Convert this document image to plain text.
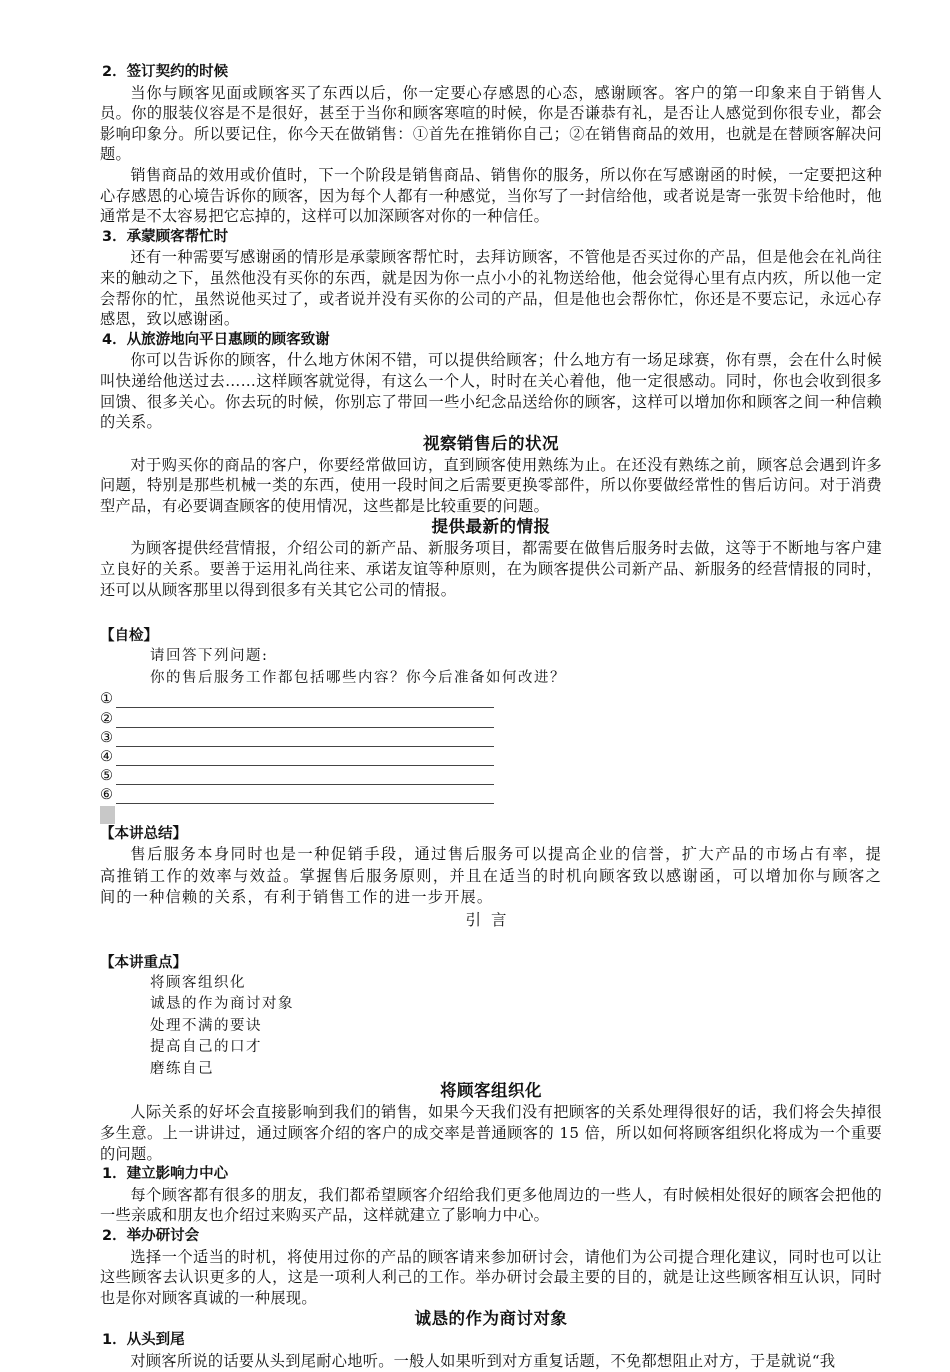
2．签订契约的时候

当你与顾客见面或顾客买了东西以后，你一定要心存感恩的心态，感谢顾客。客户的第一印象来自于销售人员。你的服装仪容是不是很好，甚至于当你和顾客寒喧的时候，你是否谦恭有礼，是否让人感觉到你很专业，都会影响印象分。所以要记住，你今天在做销售：①首先在推销你自己；②在销售商品的效用，也就是在替顾客解决问题。

销售商品的效用或价值时，下一个阶段是销售商品、销售你的服务，所以你在写感谢函的时候，一定要把这种心存感恩的心境告诉你的顾客，因为每个人都有一种感觉，当你写了一封信给他，或者说是寄一张贺卡给他时，他通常是不太容易把它忘掉的，这样可以加深顾客对你的一种信任。

3．承蒙顾客帮忙时

还有一种需要写感谢函的情形是承蒙顾客帮忙时，去拜访顾客，不管他是否买过你的产品，但是他会在礼尚往来的触动之下，虽然他没有买你的东西，就是因为你一点小小的礼物送给他，他会觉得心里有点内疚，所以他一定会帮你的忙，虽然说他买过了，或者说并没有买你的公司的产品，但是他也会帮你忙，你还是不要忘记，永远心存感恩，致以感谢函。

4．从旅游地向平日惠顾的顾客致谢

你可以告诉你的顾客，什么地方休闲不错，可以提供给顾客；什么地方有一场足球赛，你有票，会在什么时候叫快递给他送过去……这样顾客就觉得，有这么一个人，时时在关心着他，他一定很感动。同时，你也会收到很多回馈、很多关心。你去玩的时候，你别忘了带回一些小纪念品送给你的顾客，这样可以增加你和顾客之间一种信赖的关系。

视察销售后的状况

对于购买你的商品的客户，你要经常做回访，直到顾客使用熟练为止。在还没有熟练之前，顾客总会遇到许多问题，特别是那些机械一类的东西，使用一段时间之后需要更换零部件，所以你要做经常性的售后访问。对于消费型产品，有必要调查顾客的使用情况，这些都是比较重要的问题。

提供最新的情报

为顾客提供经营情报，介绍公司的新产品、新服务项目，都需要在做售后服务时去做，这等于不断地与客户建立良好的关系。要善于运用礼尚往来、承诺友谊等种原则，在为顾客提供公司新产品、新服务的经营情报的同时，还可以从顾客那里以得到很多有关其它公司的情报。

【自检】
请回答下列问题:
你的售后服务工作都包括哪些内容？你今后准备如何改进？
①
②
③
④
⑤
⑥
【本讲总结】

售后服务本身同时也是一种促销手段，通过售后服务可以提高企业的信誉，扩大产品的市场占有率，提高推销工作的效率与效益。掌握售后服务原则，并且在适当的时机向顾客致以感谢函，可以增加你与顾客之间的一种信赖的关系，有利于销售工作的进一步开展。

引言
【本讲重点】
将顾客组织化
诚恳的作为商讨对象
处理不满的要诀
提高自己的口才
磨练自己
将顾客组织化

人际关系的好坏会直接影响到我们的销售，如果今天我们没有把顾客的关系处理得很好的话，我们将会失掉很多生意。上一讲讲过，通过顾客介绍的客户的成交率是普通顾客的 15 倍，所以如何将顾客组织化将成为一个重要的问题。

1．建立影响力中心

每个顾客都有很多的朋友，我们都希望顾客介绍给我们更多他周边的一些人，有时候相处很好的顾客会把他的一些亲戚和朋友也介绍过来购买产品，这样就建立了影响力中心。

2．举办研讨会

选择一个适当的时机，将使用过你的产品的顾客请来参加研讨会，请他们为公司提合理化建议，同时也可以让这些顾客去认识更多的人，这是一项利人利己的工作。举办研讨会最主要的目的，就是让这些顾客相互认识，同时也是你对顾客真诚的一种展现。

诚恳的作为商讨对象
1．从头到尾

对顾客所说的话要从头到尾耐心地听。一般人如果听到对方重复话题，不免都想阻止对方，于是就说“我
